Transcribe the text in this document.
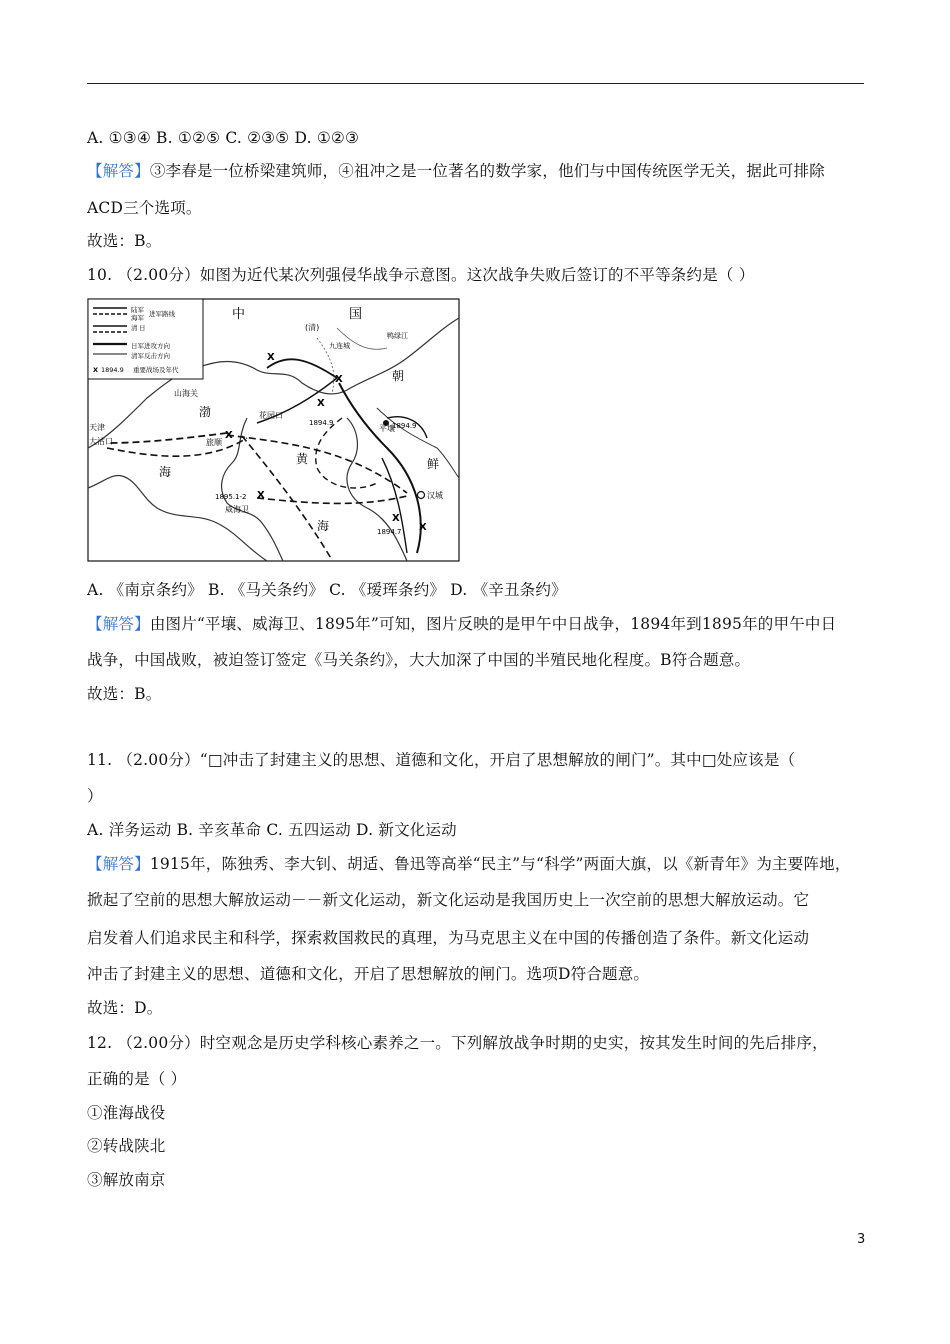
A. ①③④ B. ①②⑤ C. ②③⑤ D. ①②③
【解答】③李春是一位桥梁建筑师，④祖冲之是一位著名的数学家，他们与中国传统医学无关，据此可排除
ACD三个选项。
故选：B。
10. （2.00分）如图为近代某次列强侵华战争示意图。这次战争失败后签订的不平等条约是（ ）
陆军
海军 进军路线
清 日
日军进攻方向
清军反击方向
X 1894.9 重要战场及年代
X
X
X
X
X
X
X
中	国
(清)
天津
大沽口
山海关
渤
海
黄
海
旅顺
花园口
九连城
鸭绿江
朝
鲜
平壤
威海卫
汉城
1894.9	1894.9
1895.1-2
1894.7
A. 《南京条约》 B. 《马关条约》 C. 《瑷珲条约》 D. 《辛丑条约》
【解答】由图片“平壤、威海卫、1895年”可知，图片反映的是甲午中日战争，1894年到1895年的甲午中日
战争，中国战败，被迫签订签定《马关条约》，大大加深了中国的半殖民地化程度。B符合题意。
故选：B。
11. （2.00分）“□冲击了封建主义的思想、道德和文化，开启了思想解放的闸门”。其中□处应该是（
）
A. 洋务运动 B. 辛亥革命 C. 五四运动 D. 新文化运动
【解答】1915年，陈独秀、李大钊、胡适、鲁迅等高举“民主”与“科学”两面大旗，以《新青年》为主要阵地，
掀起了空前的思想大解放运动－－新文化运动，新文化运动是我国历史上一次空前的思想大解放运动。它
启发着人们追求民主和科学，探索救国救民的真理，为马克思主义在中国的传播创造了条件。新文化运动
冲击了封建主义的思想、道德和文化，开启了思想解放的闸门。选项D符合题意。
故选：D。
12. （2.00分）时空观念是历史学科核心素养之一。下列解放战争时期的史实，按其发生时间的先后排序，
正确的是（ ）
①淮海战役
②转战陕北
③解放南京
3
